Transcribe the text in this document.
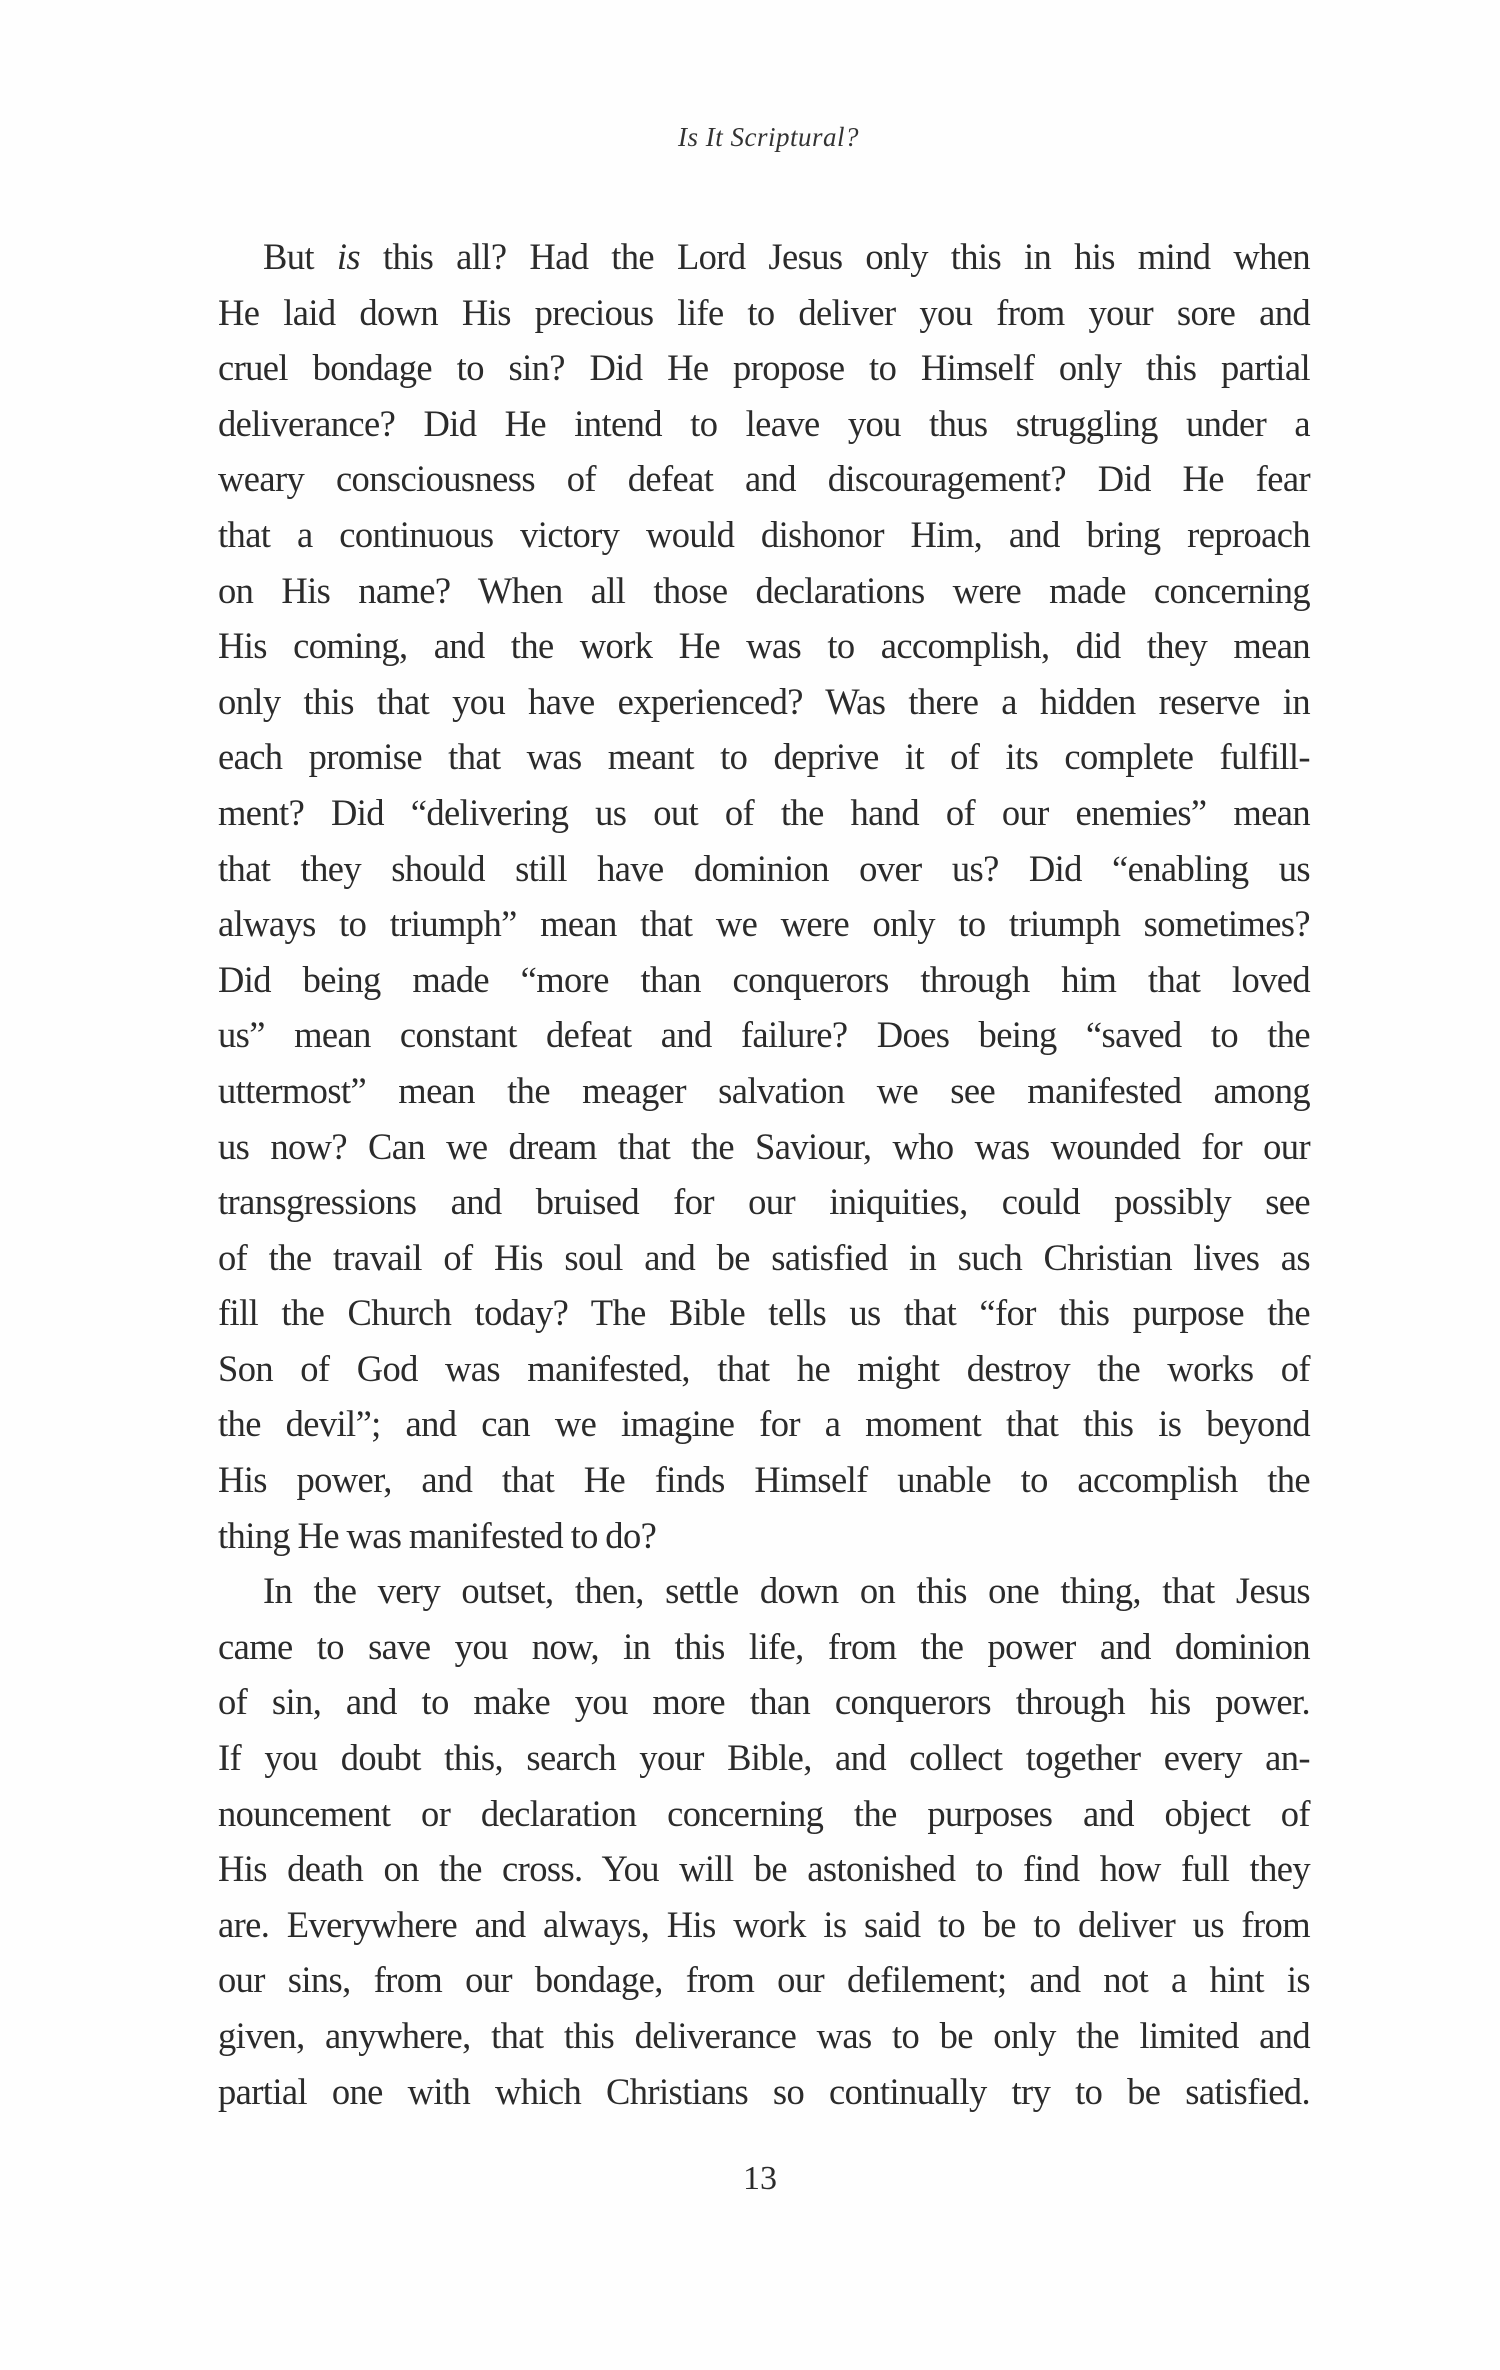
Is It Scriptural?
But is this all? Had the Lord Jesus only this in his mind when
He laid down His precious life to deliver you from your sore and
cruel bondage to sin? Did He propose to Himself only this partial
deliverance? Did He intend to leave you thus struggling under a
weary consciousness of defeat and discouragement? Did He fear
that a continuous victory would dishonor Him, and bring reproach
on His name? When all those declarations were made concerning
His coming, and the work He was to accomplish, did they mean
only this that you have experienced? Was there a hidden reserve in
each promise that was meant to deprive it of its complete fulfill-
ment? Did “delivering us out of the hand of our enemies” mean
that they should still have dominion over us? Did “enabling us
always to triumph” mean that we were only to triumph sometimes?
Did being made “more than conquerors through him that loved
us” mean constant defeat and failure? Does being “saved to the
uttermost” mean the meager salvation we see manifested among
us now? Can we dream that the Saviour, who was wounded for our
transgressions and bruised for our iniquities, could possibly see
of the travail of His soul and be satisfied in such Christian lives as
fill the Church today? The Bible tells us that “for this purpose the
Son of God was manifested, that he might destroy the works of
the devil”; and can we imagine for a moment that this is beyond
His power, and that He finds Himself unable to accomplish the
thing He was manifested to do?
In the very outset, then, settle down on this one thing, that Jesus
came to save you now, in this life, from the power and dominion
of sin, and to make you more than conquerors through his power.
If you doubt this, search your Bible, and collect together every an-
nouncement or declaration concerning the purposes and object of
His death on the cross. You will be astonished to find how full they
are. Everywhere and always, His work is said to be to deliver us from
our sins, from our bondage, from our defilement; and not a hint is
given, anywhere, that this deliverance was to be only the limited and
partial one with which Christians so continually try to be satisfied.
13
